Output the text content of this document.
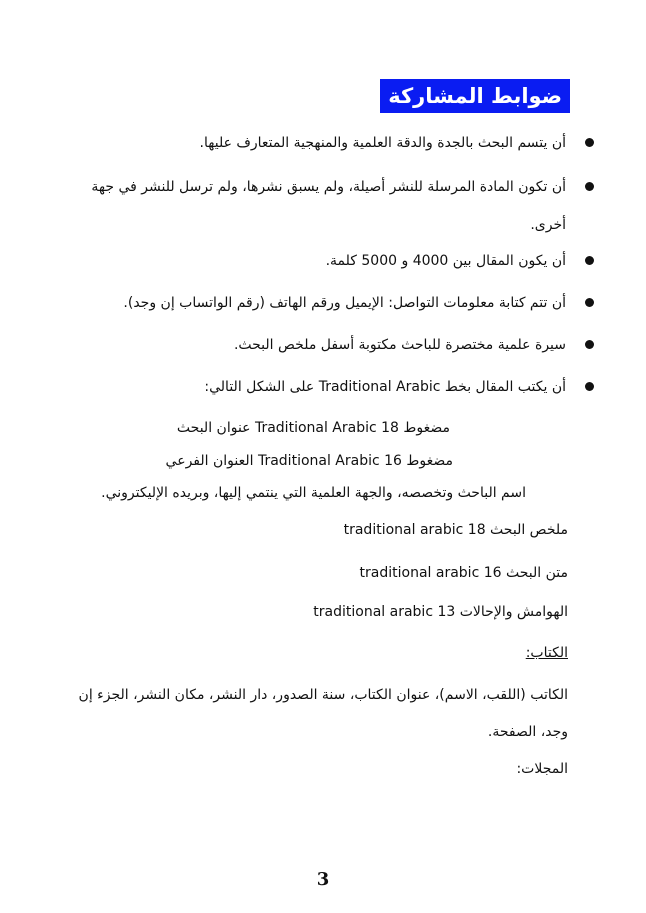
ضوابط المشاركة
أن يتسم البحث بالجدة والدقة العلمية والمنهجية المتعارف عليها.
أن تكون المادة المرسلة للنشر أصيلة، ولم يسبق نشرها، ولم ترسل للنشر في جهة أخرى.
أن يكون المقال بين 4000 و 5000 كلمة.
أن تتم كتابة معلومات التواصل: الإيميل ورقم الهاتف (رقم الواتساب إن وجد).
سيرة علمية مختصرة للباحث مكتوبة أسفل ملخص البحث.
أن يكتب المقال بخط Traditional Arabic على الشكل التالي:
مضغوط Traditional Arabic 18 عنوان البحث
مضغوط Traditional Arabic 16 العنوان الفرعي
اسم الباحث وتخصصه، والجهة العلمية التي ينتمي إليها، وبريده الإليكتروني.
ملخص البحث traditional arabic 18
متن البحث traditional arabic 16
الهوامش والإحالات traditional arabic 13
الكتاب:
الكاتب (اللقب، الاسم)، عنوان الكتاب، سنة الصدور، دار النشر، مكان النشر، الجزء إن
وجد، الصفحة.
المجلات:
3
